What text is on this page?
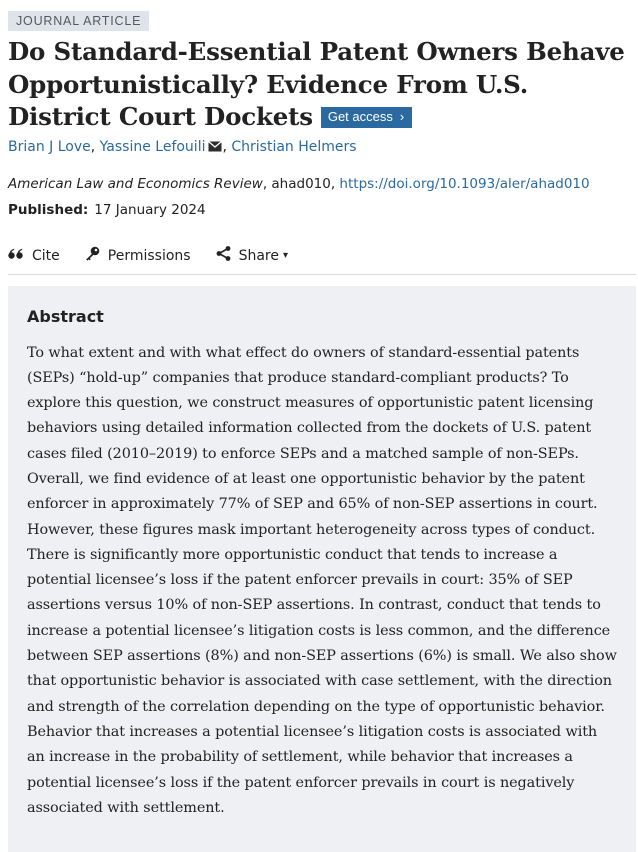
JOURNAL ARTICLE
Do Standard-Essential Patent Owners Behave Opportunistically? Evidence From U.S. District Court Dockets Get access ›
Brian J Love, Yassine Lefouili , Christian Helmers
American Law and Economics Review, ahad010, https://doi.org/10.1093/aler/ahad010
Published: 17 January 2024
Cite	Permissions	Share ▾
Abstract

To what extent and with what effect do owners of standard-essential patents (SEPs) “hold-up” companies that produce standard-compliant products? To explore this question, we construct measures of opportunistic patent licensing behaviors using detailed information collected from the dockets of U.S. patent cases filed (2010–2019) to enforce SEPs and a matched sample of non-SEPs. Overall, we find evidence of at least one opportunistic behavior by the patent enforcer in approximately 77% of SEP and 65% of non-SEP assertions in court. However, these figures mask important heterogeneity across types of conduct. There is significantly more opportunistic conduct that tends to increase a potential licensee’s loss if the patent enforcer prevails in court: 35% of SEP assertions versus 10% of non-SEP assertions. In contrast, conduct that tends to increase a potential licensee’s litigation costs is less common, and the difference between SEP assertions (8%) and non-SEP assertions (6%) is small. We also show that opportunistic behavior is associated with case settlement, with the direction and strength of the correlation depending on the type of opportunistic behavior. Behavior that increases a potential licensee’s litigation costs is associated with an increase in the probability of settlement, while behavior that increases a potential licensee’s loss if the patent enforcer prevails in court is negatively associated with settlement.
